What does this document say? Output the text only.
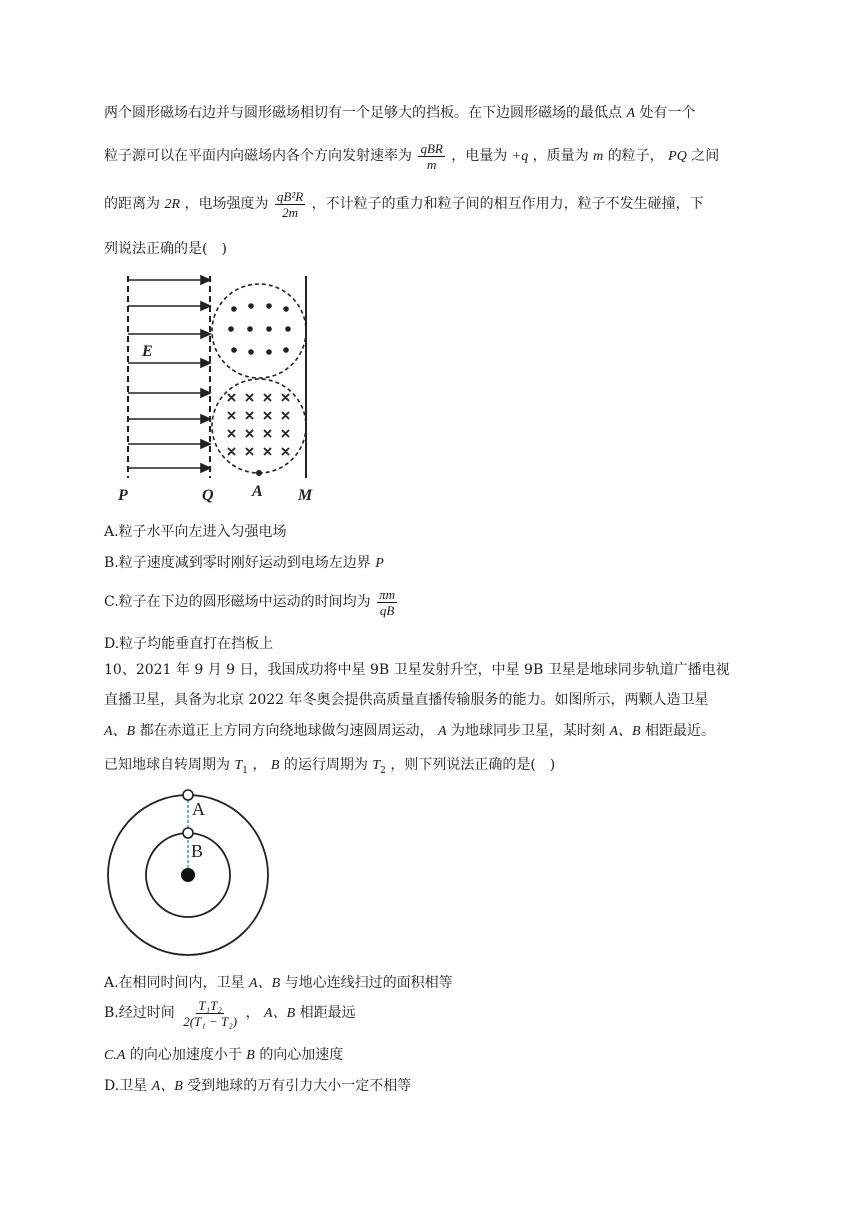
两个圆形磁场右边并与圆形磁场相切有一个足够大的挡板。在下边圆形磁场的最低点 A 处有一个
粒子源可以在平面内向磁场内各个方向发射速率为 $\frac{\text{qBR}}{m}$ ，电量为 +q ，质量为 m 的粒子， PQ 之间
的距离为 2R ，电场强度为 $\frac{\text{qB²R}}{2m}$ ，不计粒子的重力和粒子间的相互作用力，粒子不发生碰撞，下
列说法正确的是(　)
E
P	Q A M
A.粒子水平向左进入匀强电场
B.粒子速度减到零时刚好运动到电场左边界 P
C.粒子在下边的圆形磁场中运动的时间均为 $\frac{\pi m}{qB}$
D.粒子均能垂直打在挡板上
10、2021 年 9 月 9 日，我国成功将中星 9B 卫星发射升空，中星 9B 卫星是地球同步轨道广播电视
直播卫星，具备为北京 2022 年冬奥会提供高质量直播传输服务的能力。如图所示，两颗人造卫星
A、B 都在赤道正上方同方向绕地球做匀速圆周运动， A 为地球同步卫星，某时刻 A、B 相距最近。
已知地球自转周期为 $T_1$ ， B 的运行周期为 $T_2$ ，则下列说法正确的是(　)
A
B
A.在相同时间内，卫星 A、B 与地心连线扫过的面积相等
B.经过时间 $\frac{\text{T₁T₂}}{\text{2(T₁ − T₂)}}$ ， A、B 相距最远
C.A 的向心加速度小于 B 的向心加速度
D.卫星 A、B 受到地球的万有引力大小一定不相等
